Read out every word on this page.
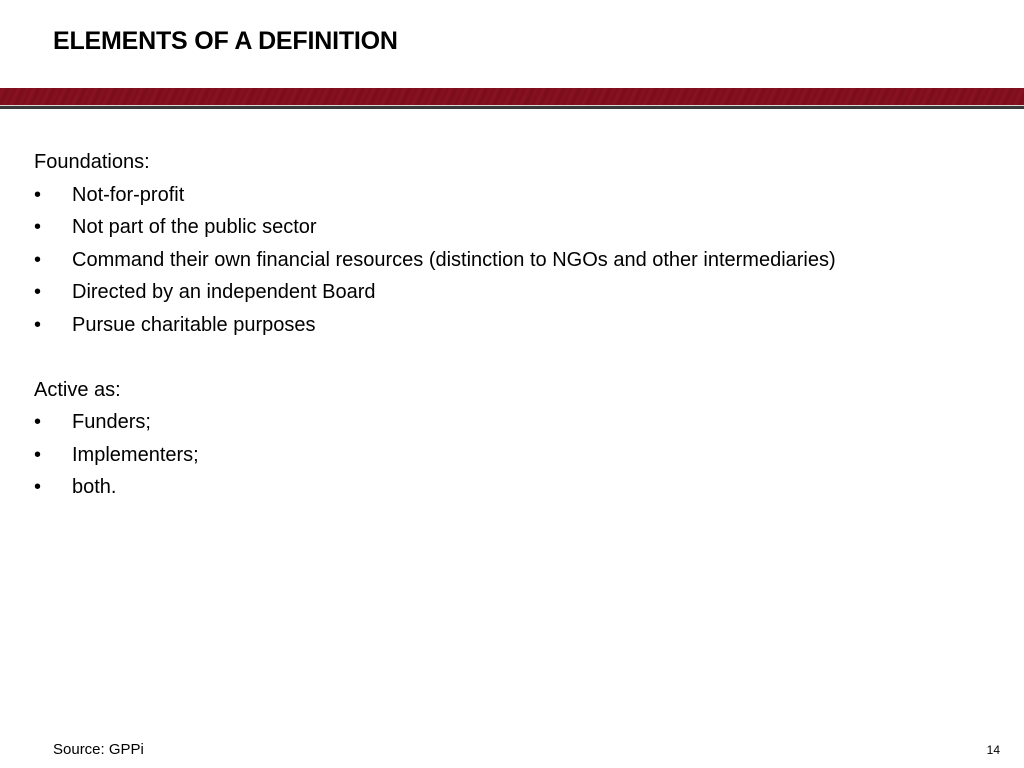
ELEMENTS OF A DEFINITION

Foundations:

•	Not-for-profit
•	Not part of the public sector
•	Command their own financial resources (distinction to NGOs and other intermediaries)
•	Directed by an independent Board
•	Pursue charitable purposes

Active as:

•	Funders;
•	Implementers;
•	both.
Source: GPPi	14
